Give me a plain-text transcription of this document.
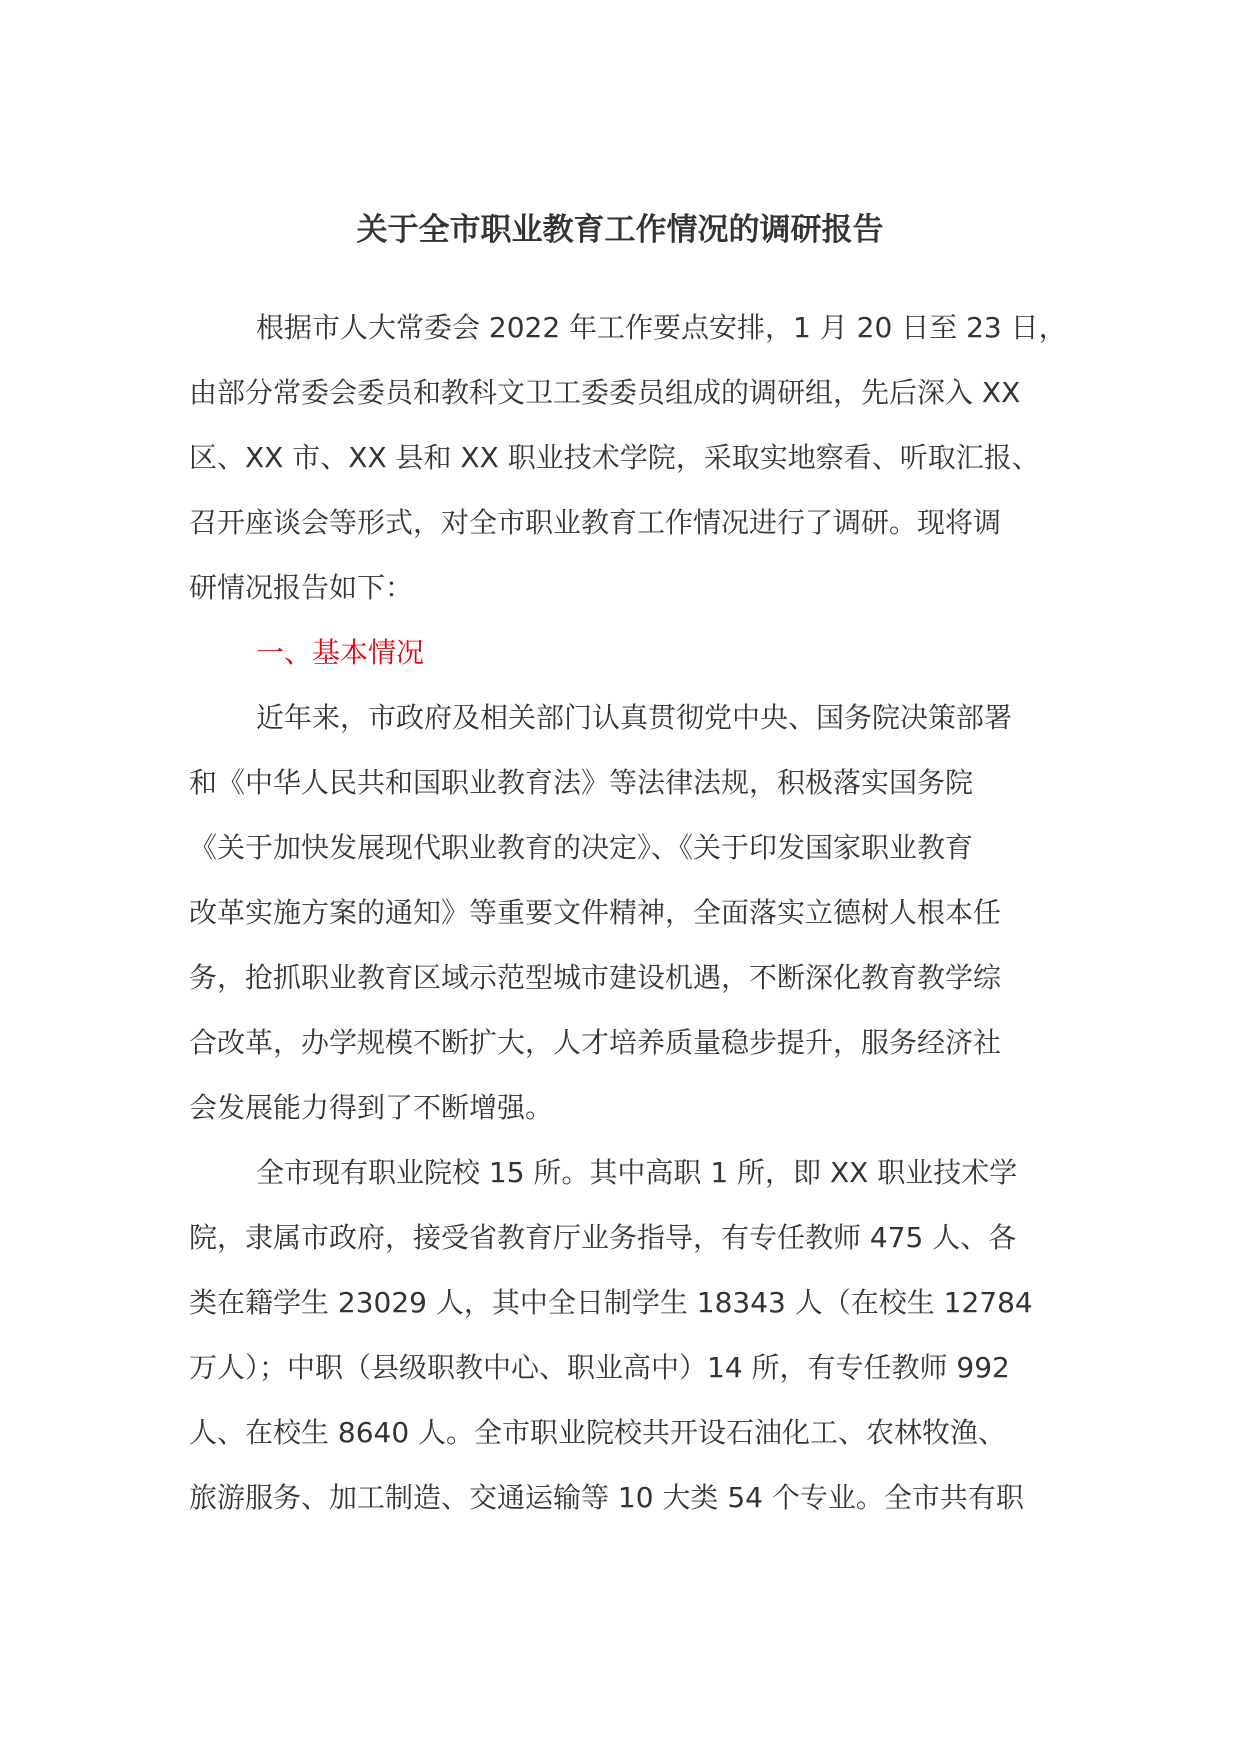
关于全市职业教育工作情况的调研报告

根据市人大常委会 2022 年工作要点安排，1 月 20 日至 23 日，

由部分常委会委员和教科文卫工委委员组成的调研组，先后深入 XX

区、XX 市、XX 县和 XX 职业技术学院，采取实地察看、听取汇报、

召开座谈会等形式，对全市职业教育工作情况进行了调研。现将调

研情况报告如下：

一、基本情况

近年来，市政府及相关部门认真贯彻党中央、国务院决策部署

和《中华人民共和国职业教育法》等法律法规，积极落实国务院

《关于加快发展现代职业教育的决定》、《关于印发国家职业教育

改革实施方案的通知》等重要文件精神，全面落实立德树人根本任

务，抢抓职业教育区域示范型城市建设机遇，不断深化教育教学综

合改革，办学规模不断扩大，人才培养质量稳步提升，服务经济社

会发展能力得到了不断增强。

全市现有职业院校 15 所。其中高职 1 所，即 XX 职业技术学

院，隶属市政府，接受省教育厅业务指导，有专任教师 475 人、各

类在籍学生 23029 人，其中全日制学生 18343 人（在校生 12784

万人）；中职（县级职教中心、职业高中）14 所，有专任教师 992

人、在校生 8640 人。全市职业院校共开设石油化工、农林牧渔、

旅游服务、加工制造、交通运输等 10 大类 54 个专业。全市共有职
